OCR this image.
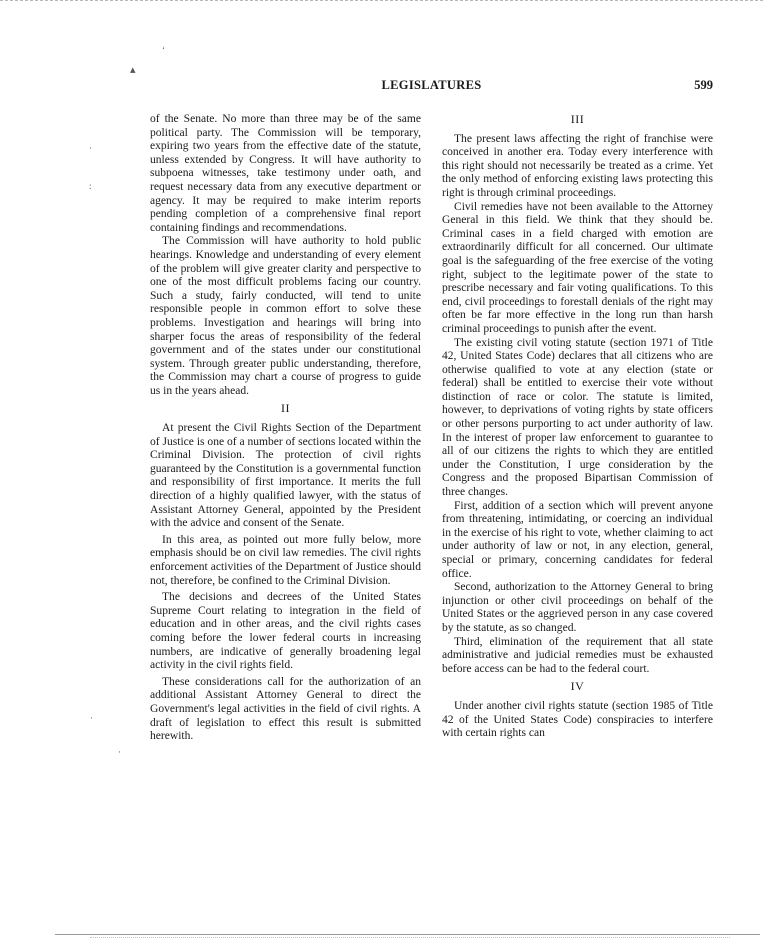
ʻ
▴
·
:
·
·
LEGISLATURES	599

of the Senate. No more than three may be of the same political party. The Commission will be temporary, expiring two years from the effective date of the statute, unless extended by Congress. It will have authority to subpoena witnesses, take testimony under oath, and request necessary data from any executive department or agency. It may be required to make interim reports pending completion of a comprehensive final report containing findings and recommendations.

The Commission will have authority to hold public hearings. Knowledge and understanding of every element of the problem will give greater clarity and perspective to one of the most difficult problems facing our country. Such a study, fairly conducted, will tend to unite responsible people in common effort to solve these problems. Investigation and hearings will bring into sharper focus the areas of responsibility of the federal government and of the states under our constitutional system. Through greater public understanding, therefore, the Commission may chart a course of progress to guide us in the years ahead.

II

At present the Civil Rights Section of the Department of Justice is one of a number of sections located within the Criminal Division. The protection of civil rights guaranteed by the Constitution is a governmental function and responsibility of first importance. It merits the full direction of a highly qualified lawyer, with the status of Assistant Attorney General, appointed by the President with the advice and consent of the Senate.

In this area, as pointed out more fully below, more emphasis should be on civil law remedies. The civil rights enforcement activities of the Department of Justice should not, therefore, be confined to the Criminal Division.

The decisions and decrees of the United States Supreme Court relating to integration in the field of education and in other areas, and the civil rights cases coming before the lower federal courts in increasing numbers, are indicative of generally broadening legal activity in the civil rights field.

These considerations call for the authorization of an additional Assistant Attorney General to direct the Government's legal activities in the field of civil rights. A draft of legislation to effect this result is submitted herewith.

III

The present laws affecting the right of franchise were conceived in another era. Today every interference with this right should not necessarily be treated as a crime. Yet the only method of enforcing existing laws protecting this right is through criminal proceedings.

Civil remedies have not been available to the Attorney General in this field. We think that they should be. Criminal cases in a field charged with emotion are extraordinarily difficult for all concerned. Our ultimate goal is the safeguarding of the free exercise of the voting right, subject to the legitimate power of the state to prescribe necessary and fair voting qualifications. To this end, civil proceedings to forestall denials of the right may often be far more effective in the long run than harsh criminal proceedings to punish after the event.

The existing civil voting statute (section 1971 of Title 42, United States Code) declares that all citizens who are otherwise qualified to vote at any election (state or federal) shall be entitled to exercise their vote without distinction of race or color. The statute is limited, however, to deprivations of voting rights by state officers or other persons purporting to act under authority of law. In the interest of proper law enforcement to guarantee to all of our citizens the rights to which they are entitled under the Constitution, I urge consideration by the Congress and the proposed Bipartisan Commission of three changes.

First, addition of a section which will prevent anyone from threatening, intimidating, or coercing an individual in the exercise of his right to vote, whether claiming to act under authority of law or not, in any election, general, special or primary, concerning candidates for federal office.

Second, authorization to the Attorney General to bring injunction or other civil proceedings on behalf of the United States or the aggrieved person in any case covered by the statute, as so changed.

Third, elimination of the requirement that all state administrative and judicial remedies must be exhausted before access can be had to the federal court.

IV

Under another civil rights statute (section 1985 of Title 42 of the United States Code) conspiracies to interfere with certain rights can
